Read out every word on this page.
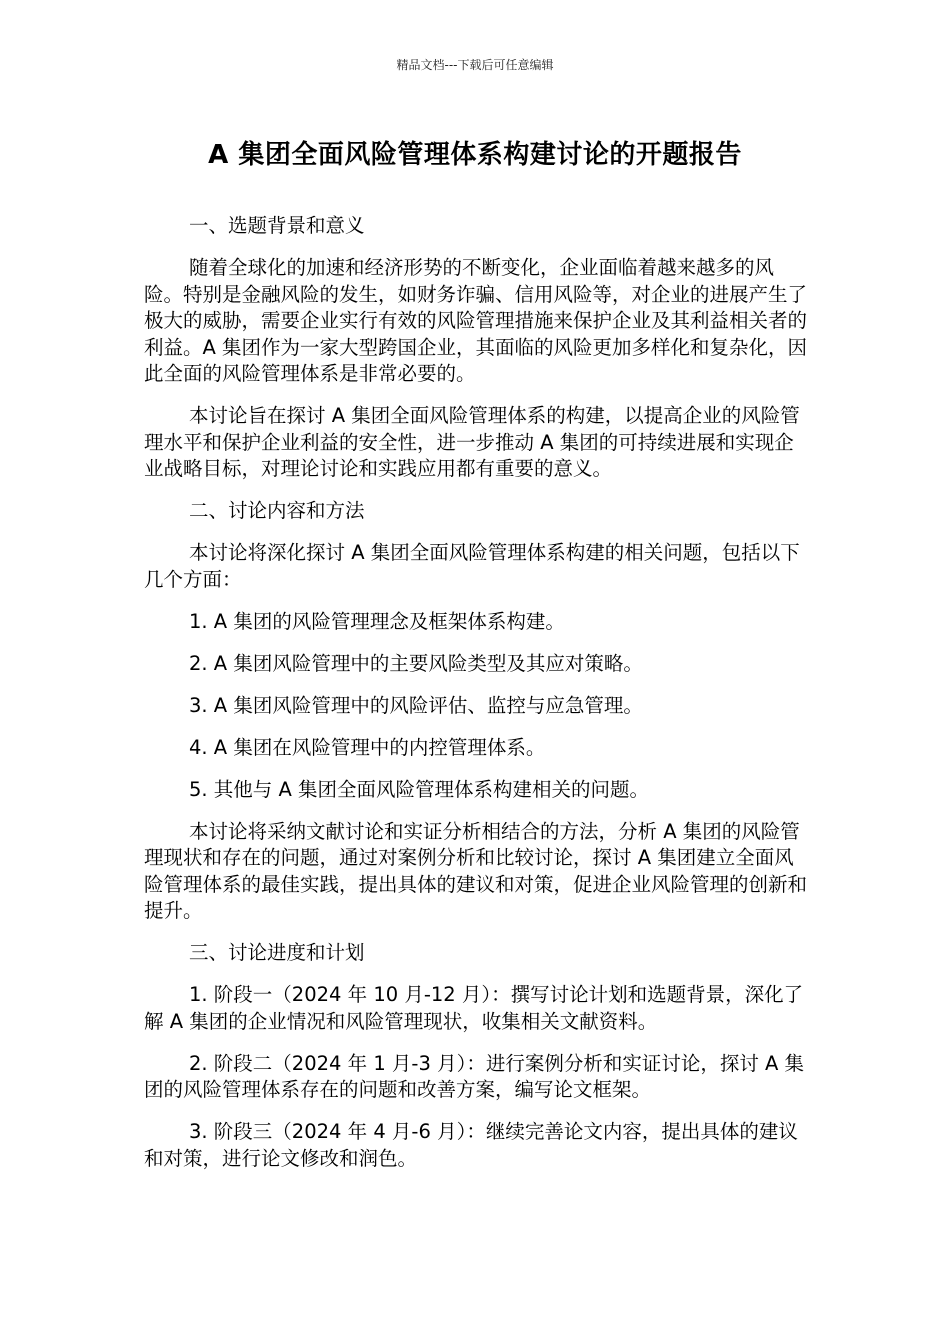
精品文档---下载后可任意编辑
A 集团全面风险管理体系构建讨论的开题报告
一、选题背景和意义
随着全球化的加速和经济形势的不断变化，企业面临着越来越多的风险。特别是金融风险的发生，如财务诈骗、信用风险等，对企业的进展产生了极大的威胁，需要企业实行有效的风险管理措施来保护企业及其利益相关者的利益。A 集团作为一家大型跨国企业，其面临的风险更加多样化和复杂化，因此全面的风险管理体系是非常必要的。
本讨论旨在探讨 A 集团全面风险管理体系的构建，以提高企业的风险管理水平和保护企业利益的安全性，进一步推动 A 集团的可持续进展和实现企业战略目标，对理论讨论和实践应用都有重要的意义。
二、讨论内容和方法
本讨论将深化探讨 A 集团全面风险管理体系构建的相关问题，包括以下几个方面：
1. A 集团的风险管理理念及框架体系构建。
2. A 集团风险管理中的主要风险类型及其应对策略。
3. A 集团风险管理中的风险评估、监控与应急管理。
4. A 集团在风险管理中的内控管理体系。
5. 其他与 A 集团全面风险管理体系构建相关的问题。
本讨论将采纳文献讨论和实证分析相结合的方法，分析 A 集团的风险管理现状和存在的问题，通过对案例分析和比较讨论，探讨 A 集团建立全面风险管理体系的最佳实践，提出具体的建议和对策，促进企业风险管理的创新和提升。
三、讨论进度和计划
1. 阶段一（2024 年 10 月-12 月）：撰写讨论计划和选题背景，深化了解 A 集团的企业情况和风险管理现状，收集相关文献资料。
2. 阶段二（2024 年 1 月-3 月）：进行案例分析和实证讨论，探讨 A 集团的风险管理体系存在的问题和改善方案，编写论文框架。
3. 阶段三（2024 年 4 月-6 月）：继续完善论文内容，提出具体的建议和对策，进行论文修改和润色。
